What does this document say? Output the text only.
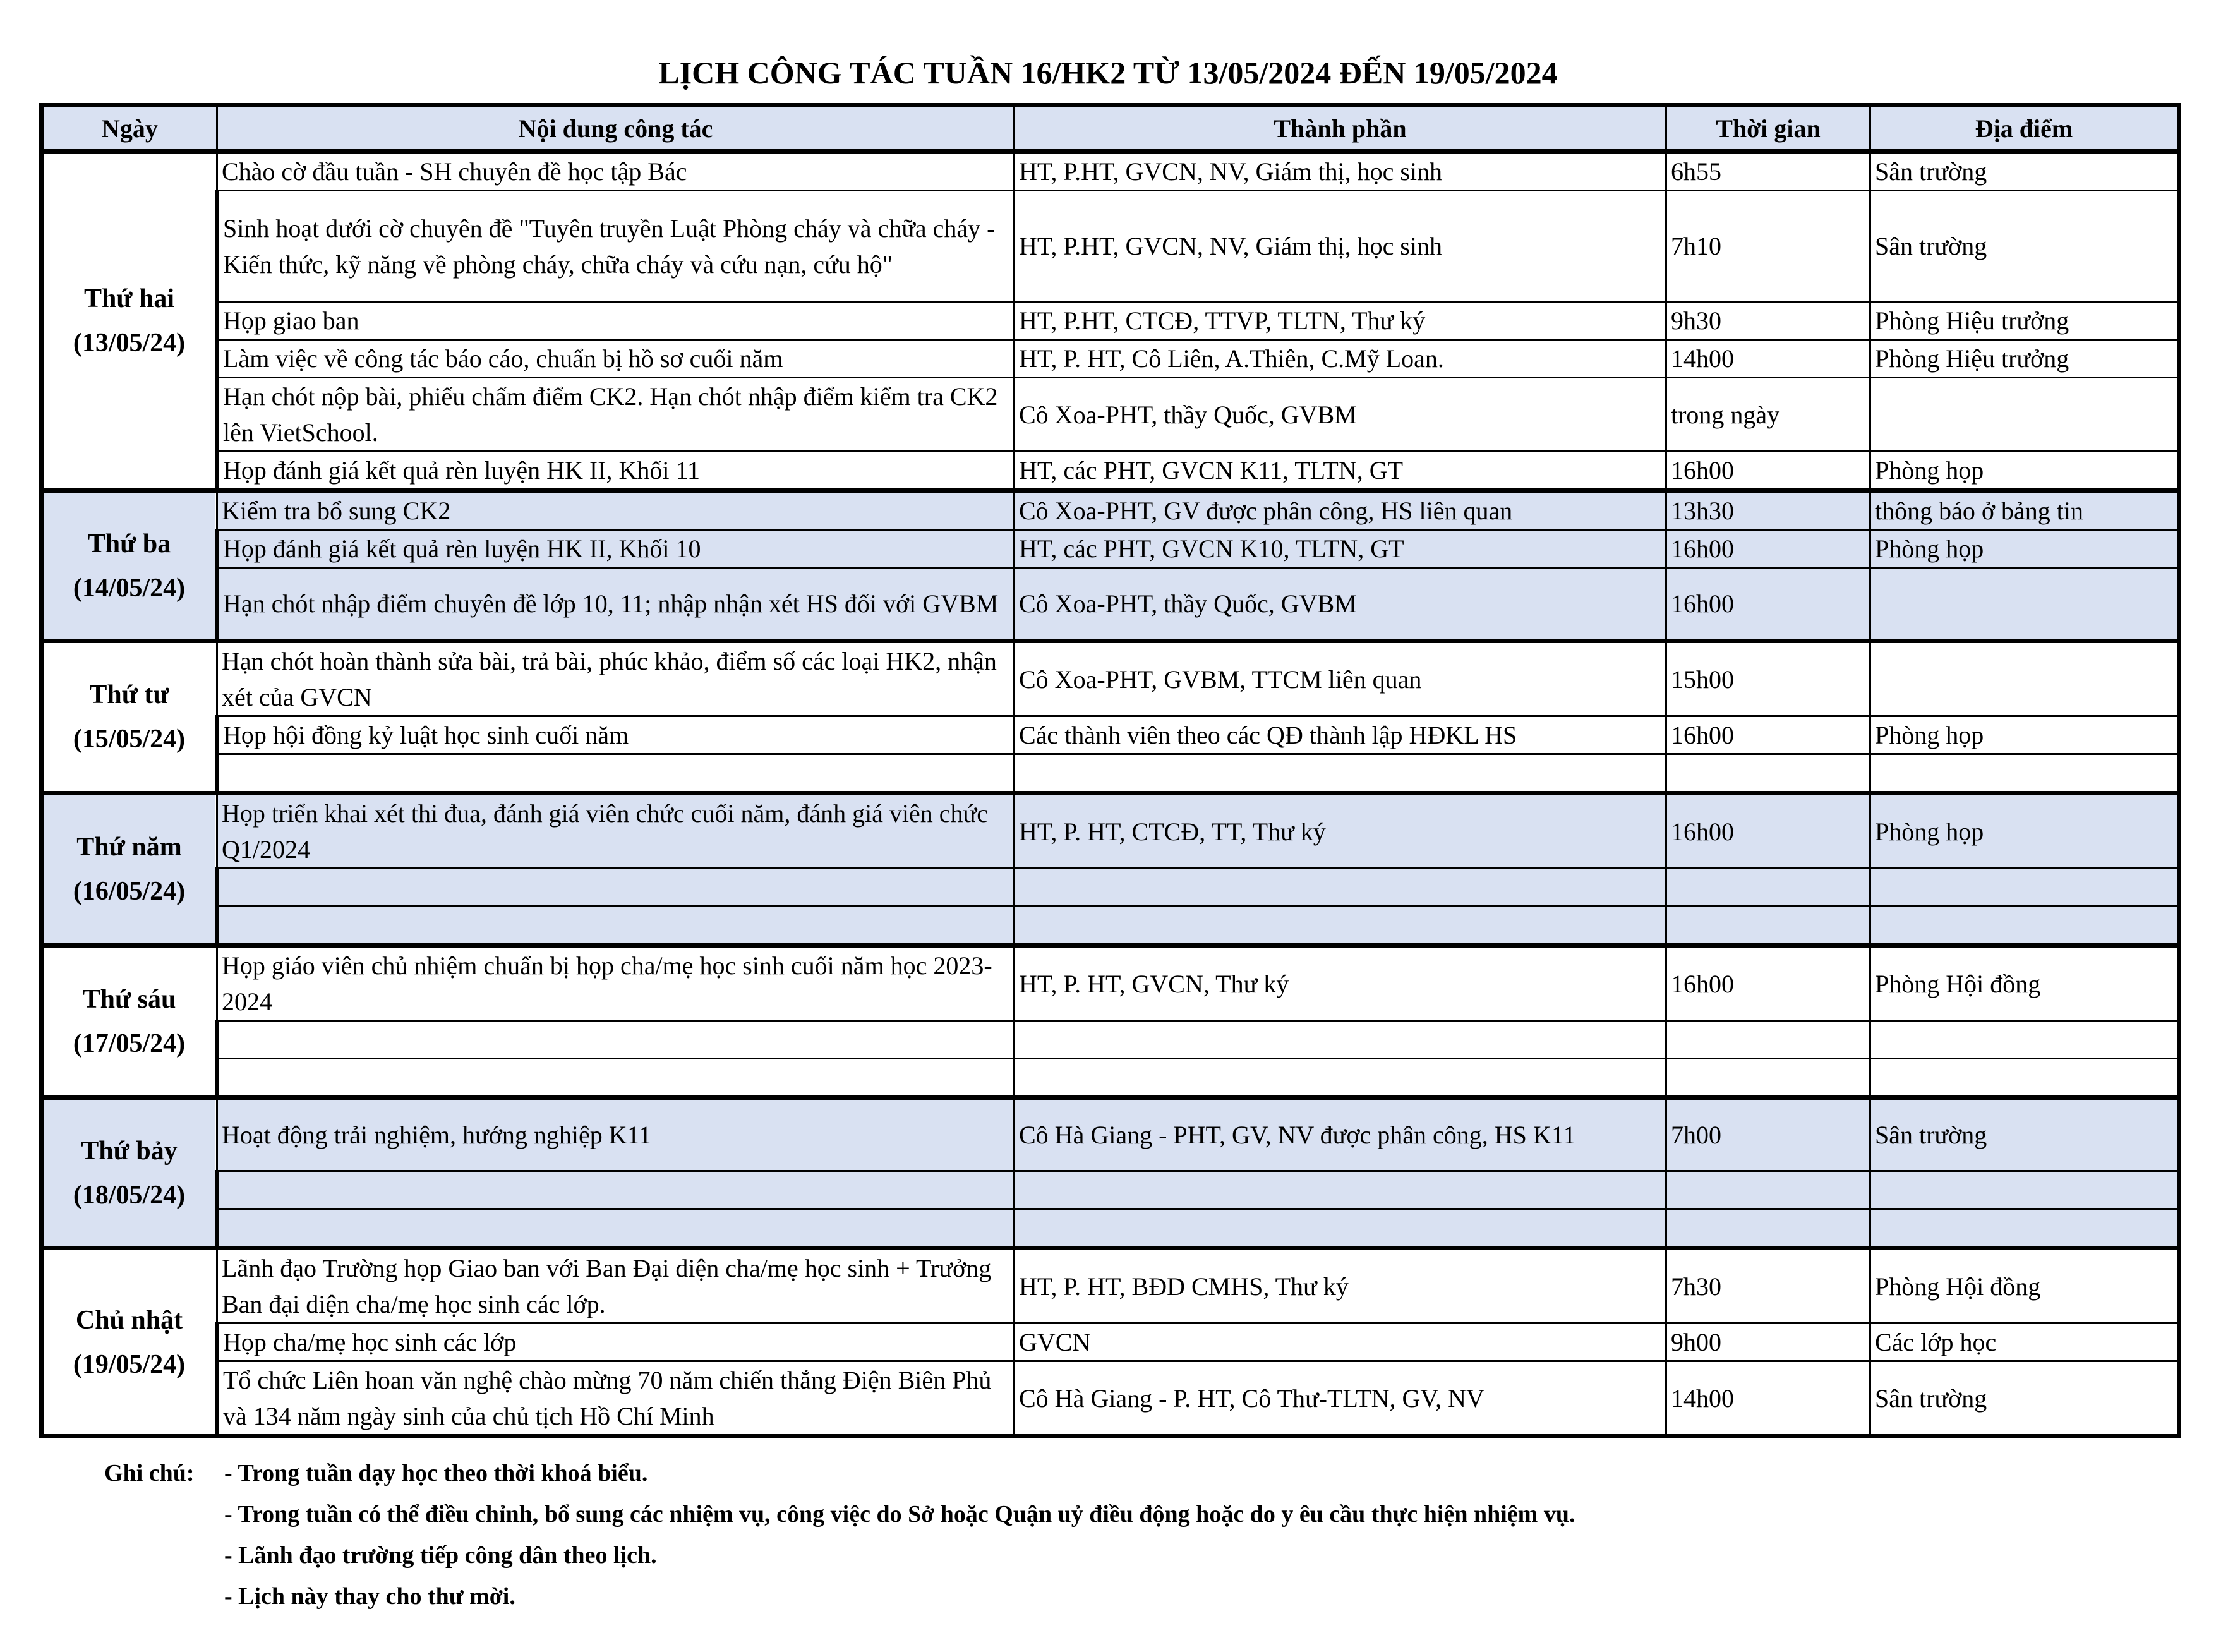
LỊCH CÔNG TÁC TUẦN 16/HK2 TỪ 13/05/2024 ĐẾN 19/05/2024
Ngày	Nội dung công tác	Thành phần	Thời gian	Địa điểm

Thứ hai
(13/05/24)	Chào cờ đầu tuần - SH chuyên đề học tập Bác	HT, P.HT, GVCN, NV, Giám thị, học sinh	6h55	Sân trường
	Sinh hoạt dưới cờ chuyên đề "Tuyên truyền Luật Phòng cháy và chữa cháy - Kiến thức, kỹ năng về phòng cháy, chữa cháy và cứu nạn, cứu hộ"	HT, P.HT, GVCN, NV, Giám thị, học sinh	7h10	Sân trường
	Họp giao ban	HT, P.HT, CTCĐ, TTVP, TLTN, Thư ký	9h30	Phòng Hiệu trưởng
	Làm việc về công tác báo cáo, chuẩn bị hồ sơ cuối năm	HT, P. HT, Cô Liên, A.Thiên, C.Mỹ Loan.	14h00	Phòng Hiệu trưởng
	Hạn chót nộp bài, phiếu chấm điểm CK2. Hạn chót nhập điểm kiểm tra CK2 lên VietSchool.	Cô Xoa-PHT, thầy Quốc, GVBM	trong ngày	
	Họp đánh giá kết quả rèn luyện HK II, Khối 11	HT, các PHT, GVCN K11, TLTN, GT	16h00	Phòng họp

Thứ ba
(14/05/24)	Kiểm tra bổ sung CK2	Cô Xoa-PHT, GV được phân công, HS liên quan	13h30	thông báo ở bảng tin
	Họp đánh giá kết quả rèn luyện HK II, Khối 10	HT, các PHT, GVCN K10, TLTN, GT	16h00	Phòng họp
	Hạn chót nhập điểm chuyên đề lớp 10, 11; nhập nhận xét HS đối với GVBM	Cô Xoa-PHT, thầy Quốc, GVBM	16h00	

Thứ tư
(15/05/24)	Hạn chót hoàn thành sửa bài, trả bài, phúc khảo, điểm số các loại HK2, nhận xét của GVCN	Cô Xoa-PHT, GVBM, TTCM liên quan	15h00	
	Họp hội đồng kỷ luật học sinh cuối năm	Các thành viên theo các QĐ thành lập HĐKL HS	16h00	Phòng họp

Thứ năm
(16/05/24)	Họp triển khai xét thi đua, đánh giá viên chức cuối năm, đánh giá viên chức Q1/2024	HT, P. HT, CTCĐ, TT, Thư ký	16h00	Phòng họp

Thứ sáu
(17/05/24)	Họp giáo viên chủ nhiệm chuẩn bị họp cha/mẹ học sinh cuối năm học 2023-2024	HT, P. HT, GVCN, Thư ký	16h00	Phòng Hội đồng

Thứ bảy
(18/05/24)	Hoạt động trải nghiệm, hướng nghiệp K11	Cô Hà Giang - PHT, GV, NV được phân công, HS K11	7h00	Sân trường

Chủ nhật
(19/05/24)	Lãnh đạo Trường họp Giao ban với Ban Đại diện cha/mẹ học sinh + Trưởng Ban đại diện cha/mẹ học sinh các lớp.	HT, P. HT, BĐD CMHS, Thư ký	7h30	Phòng Hội đồng
	Họp cha/mẹ học sinh các lớp	GVCN	9h00	Các lớp học
	Tổ chức Liên hoan văn nghệ chào mừng 70 năm chiến thắng Điện Biên Phủ và 134 năm ngày sinh của chủ tịch Hồ Chí Minh	Cô Hà Giang - P. HT, Cô Thư-TLTN, GV, NV	14h00	Sân trường
Ghi chú: - Trong tuần dạy học theo thời khoá biểu.
- Trong tuần có thể điều chỉnh, bổ sung các nhiệm vụ, công việc do Sở hoặc Quận uỷ điều động hoặc do y êu cầu thực hiện nhiệm vụ.
- Lãnh đạo trường tiếp công dân theo lịch.
- Lịch này thay cho thư mời.
